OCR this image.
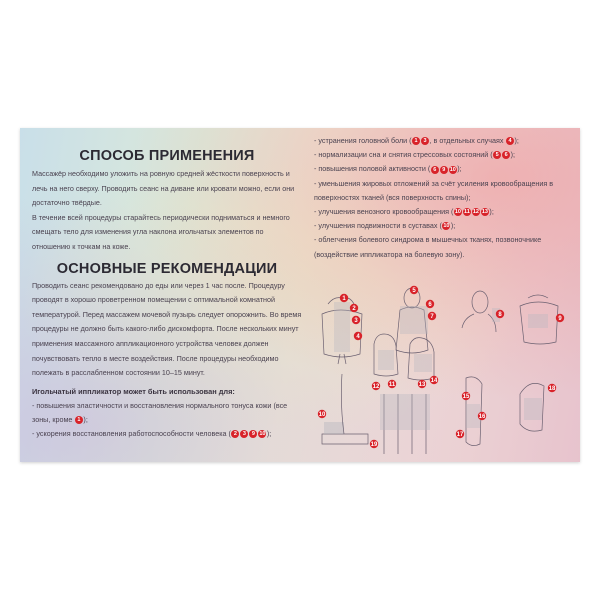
СПОСОБ ПРИМЕНЕНИЯ

Массажёр необходимо уложить на ровную средней жёсткости поверхность и лечь на него сверху. Проводить сеанс на диване или кровати можно, если они достаточно твёрдые.

В течение всей процедуры старайтесь периодически подниматься и немного смещать тело для изменения угла наклона игольчатых элементов по отношению к точкам на коже.

ОСНОВНЫЕ РЕКОМЕНДАЦИИ

Проводить сеанс рекомендовано до еды или через 1 час после. Процедуру проводят в хорошо проветренном помещении с оптимальной комнатной температурой. Перед массажем мочевой пузырь следует опорожнить. Во время процедуры не должно быть какого-либо дискомфорта. После нескольких минут применения массажного аппликационного устройства человек должен почувствовать тепло в месте воздействия. После процедуры необходимо полежать в расслабленном состоянии 10–15 минут.

Игольчатый иппликатор может быть использован для:
- повышения эластичности и восстановления нормального тонуса кожи (все зоны, кроме 1 );
- ускорения восстановления работоспособности человека ( 2 3 9 10);
- устранения головной боли ( 1 3 , в отдельных случаях 4 );
- нормализации сна и снятия стрессовых состояний ( 5 6 );
- повышения половой активности ( 6 9 10);
- уменьшения жировых отложений за счёт усиления кровообращения в поверхностях тканей (вся поверхность спины);
- улучшения венозного кровообращения (10 11 12 13);
- улучшения подвижности в суставах (10);
- облегчения болевого синдрома в мышечных тканях, позвоночнике (воздействие иппликатора на болевую зону).
1
2
3
4
5
6
7	8
9
10
11
12	13
14
15
16
17
18
19
